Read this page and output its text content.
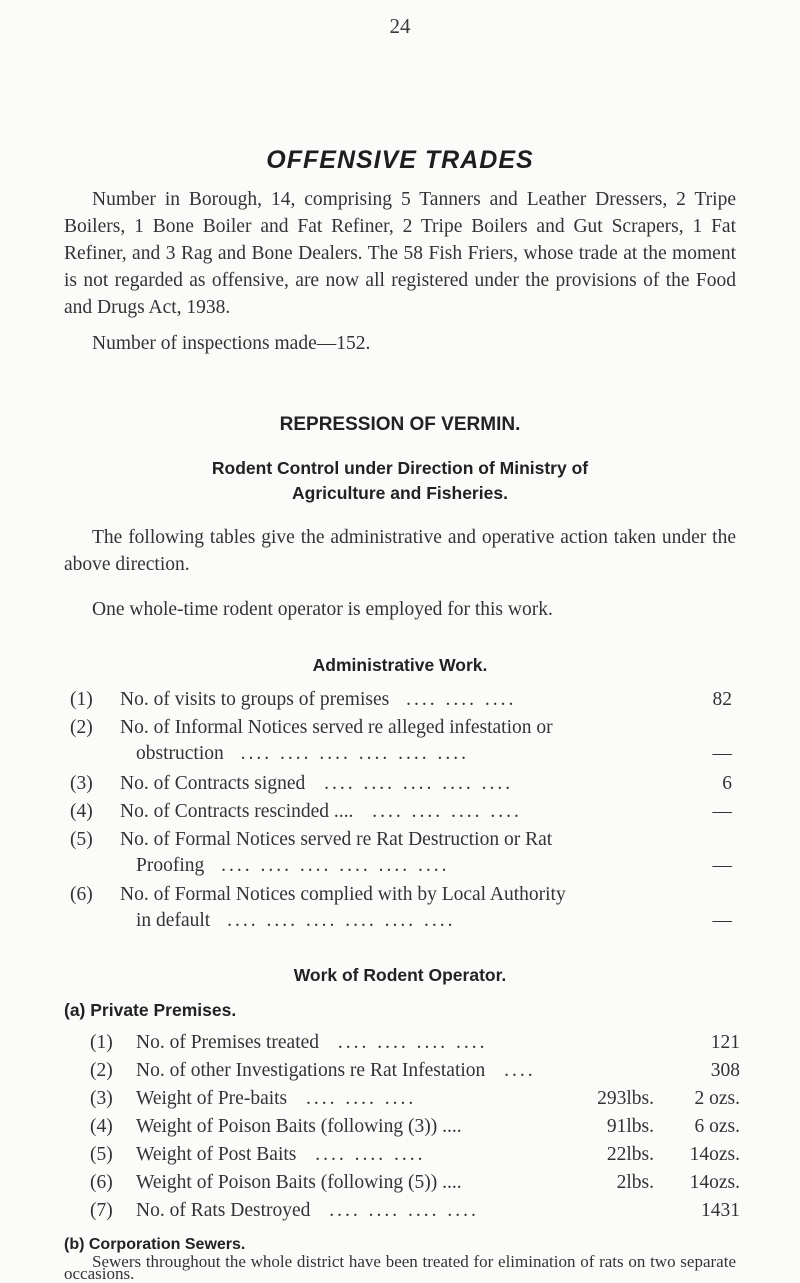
24
OFFENSIVE TRADES
Number in Borough, 14, comprising 5 Tanners and Leather Dressers, 2 Tripe Boilers, 1 Bone Boiler and Fat Refiner, 2 Tripe Boilers and Gut Scrapers, 1 Fat Refiner, and 3 Rag and Bone Dealers. The 58 Fish Friers, whose trade at the moment is not regarded as offensive, are now all registered under the provisions of the Food and Drugs Act, 1938.
Number of inspections made—152.
REPRESSION OF VERMIN.
Rodent Control under Direction of Ministry of
Agriculture and Fisheries.
The following tables give the administrative and operative action taken under the above direction.
One whole-time rodent operator is employed for this work.
Administrative Work.
(1) No. of visits to groups of premises .... .... ....	82
(2) No. of Informal Notices served re alleged infestation or
obstruction .... .... .... .... .... ....	—
(3) No. of Contracts signed .... .... .... .... ....	6
(4) No. of Contracts rescinded .... .... .... .... ....	—
(5) No. of Formal Notices served re Rat Destruction or Rat
Proofing .... .... .... .... .... ....	—
(6) No. of Formal Notices complied with by Local Authority
in default .... .... .... .... .... ....	—
Work of Rodent Operator.
(a) Private Premises.
(1) No. of Premises treated .... .... .... ....	121
(2) No. of other Investigations re Rat Infestation ....	308
(3) Weight of Pre-baits .... .... ....	293lbs. 2 ozs.
(4) Weight of Poison Baits (following (3)) ....	91lbs. 6 ozs.
(5) Weight of Post Baits .... .... ....	22lbs. 14ozs.
(6) Weight of Poison Baits (following (5)) ....	2lbs. 14ozs.
(7) No. of Rats Destroyed .... .... .... ....	1431
(b) Corporation Sewers.
Sewers throughout the whole district have been treated for elimination of rats on two separate occasions.
